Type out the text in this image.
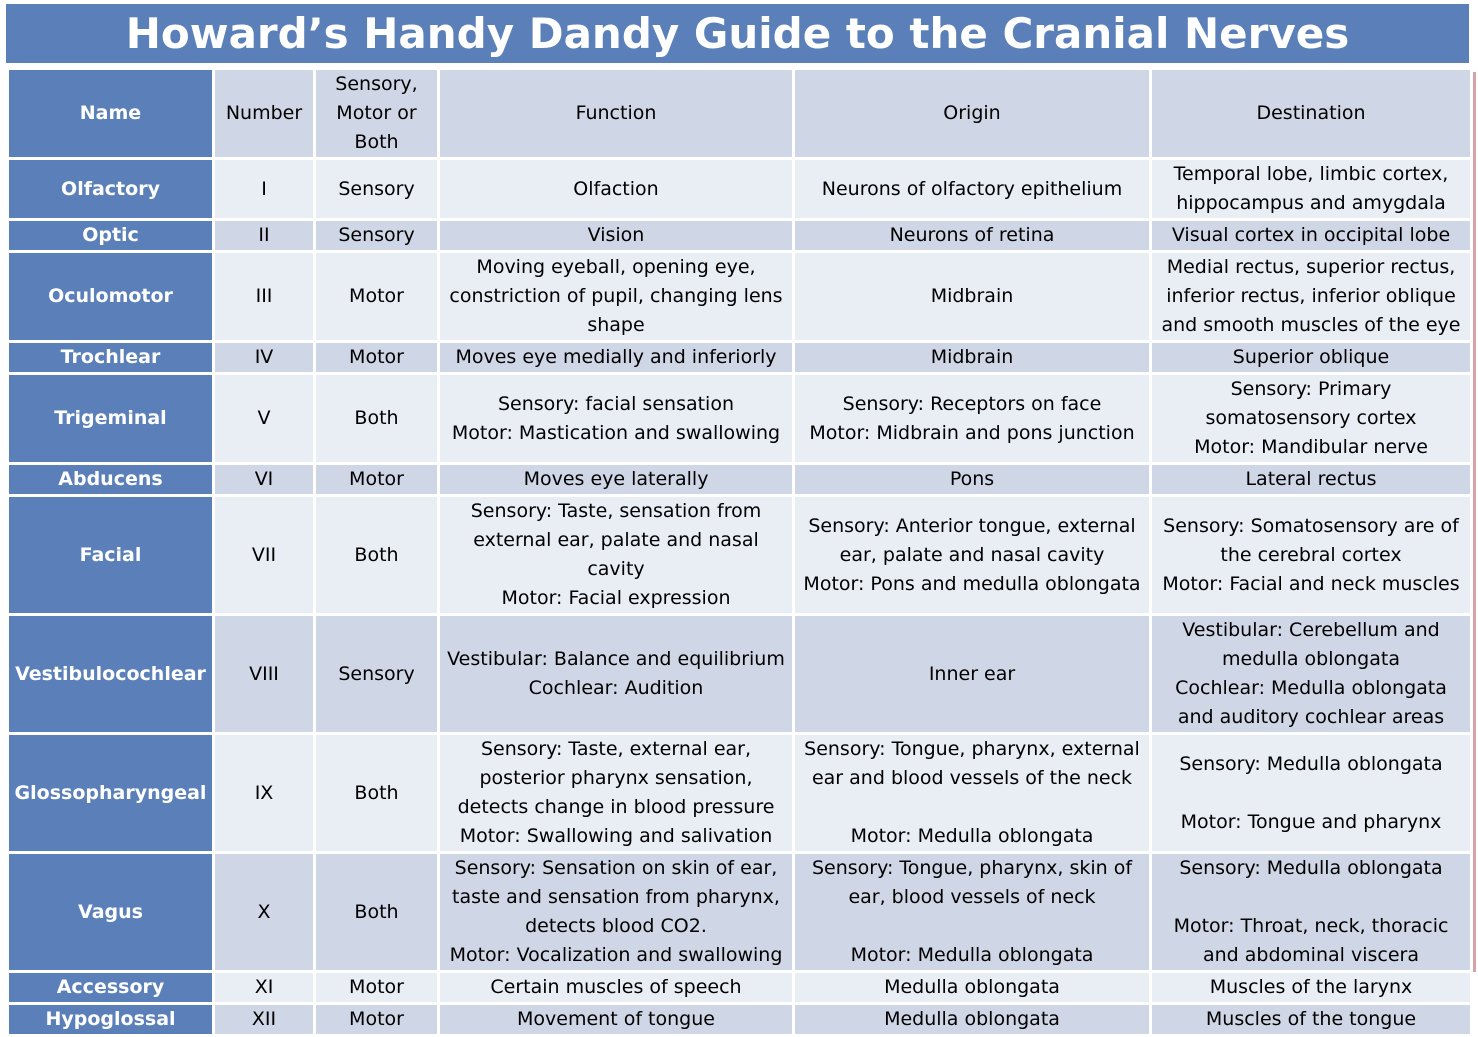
Howard’s Handy Dandy Guide to the Cranial Nerves
Name	Number	Sensory,
Motor or
Both	Function	Origin	Destination
Olfactory	I	Sensory	Olfaction	Neurons of olfactory epithelium	Temporal lobe, limbic cortex,
hippocampus and amygdala
Optic	II	Sensory	Vision	Neurons of retina	Visual cortex in occipital lobe
Oculomotor	III	Motor	Moving eyeball, opening eye,
constriction of pupil, changing lens
shape	Midbrain	Medial rectus, superior rectus,
inferior rectus, inferior oblique
and smooth muscles of the eye
Trochlear	IV	Motor	Moves eye medially and inferiorly	Midbrain	Superior oblique
Trigeminal	V	Both	Sensory: facial sensation
Motor: Mastication and swallowing	Sensory: Receptors on face
Motor: Midbrain and pons junction	Sensory: Primary
somatosensory cortex
Motor: Mandibular nerve
Abducens	VI	Motor	Moves eye laterally	Pons	Lateral rectus
Facial	VII	Both	Sensory: Taste, sensation from
external ear, palate and nasal cavity
Motor: Facial expression	Sensory: Anterior tongue, external
ear, palate and nasal cavity
Motor: Pons and medulla oblongata	Sensory: Somatosensory are of
the cerebral cortex
Motor: Facial and neck muscles
Vestibulocochlear	VIII	Sensory	Vestibular: Balance and equilibrium
Cochlear: Audition	Inner ear	Vestibular: Cerebellum and
medulla oblongata
Cochlear: Medulla oblongata
and auditory cochlear areas
Glossopharyngeal	IX	Both	Sensory: Taste, external ear,
posterior pharynx sensation,
detects change in blood pressure
Motor: Swallowing and salivation	Sensory: Tongue, pharynx, external
ear and blood vessels of the neck

Motor: Medulla oblongata	Sensory: Medulla oblongata

Motor: Tongue and pharynx
Vagus	X	Both	Sensory: Sensation on skin of ear,
taste and sensation from pharynx,
detects blood CO2.
Motor: Vocalization and swallowing	Sensory: Tongue, pharynx, skin of
ear, blood vessels of neck

Motor: Medulla oblongata	Sensory: Medulla oblongata

Motor: Throat, neck, thoracic
and abdominal viscera
Accessory	XI	Motor	Certain muscles of speech	Medulla oblongata	Muscles of the larynx
Hypoglossal	XII	Motor	Movement of tongue	Medulla oblongata	Muscles of the tongue
